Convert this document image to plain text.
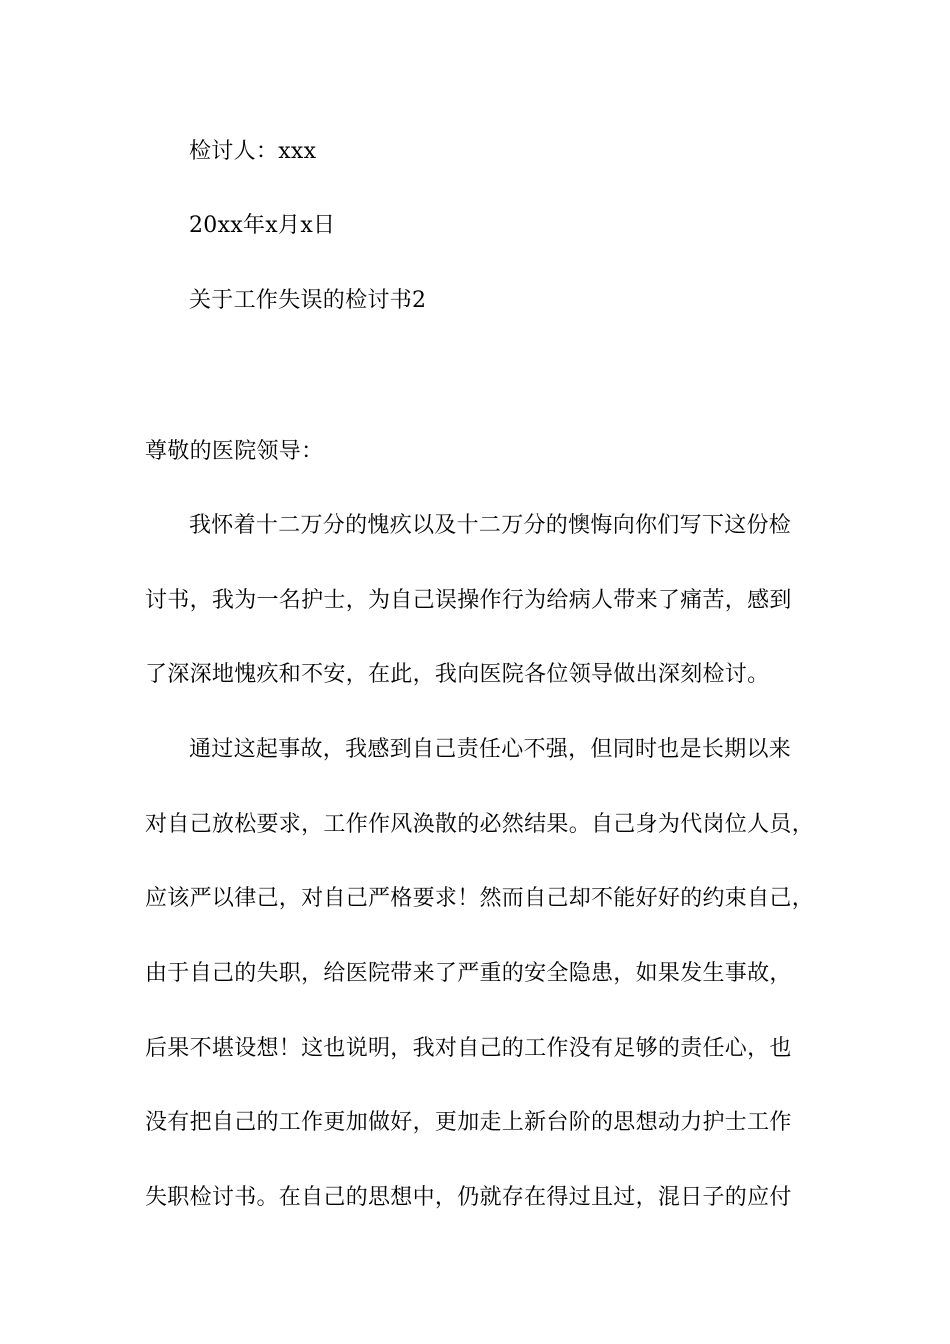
检讨人：xxx
20xx年x月x日
关于工作失误的检讨书2
尊敬的医院领导：
我怀着十二万分的愧疚以及十二万分的懊悔向你们写下这份检
讨书，我为一名护士，为自己误操作行为给病人带来了痛苦，感到
了深深地愧疚和不安，在此，我向医院各位领导做出深刻检讨。
通过这起事故，我感到自己责任心不强，但同时也是长期以来
对自己放松要求，工作作风涣散的必然结果。自己身为代岗位人员，
应该严以律己，对自己严格要求！然而自己却不能好好的约束自己，
由于自己的失职，给医院带来了严重的安全隐患，如果发生事故，
后果不堪设想！这也说明，我对自己的工作没有足够的责任心，也
没有把自己的工作更加做好，更加走上新台阶的思想动力护士工作
失职检讨书。在自己的思想中，仍就存在得过且过，混日子的应付
